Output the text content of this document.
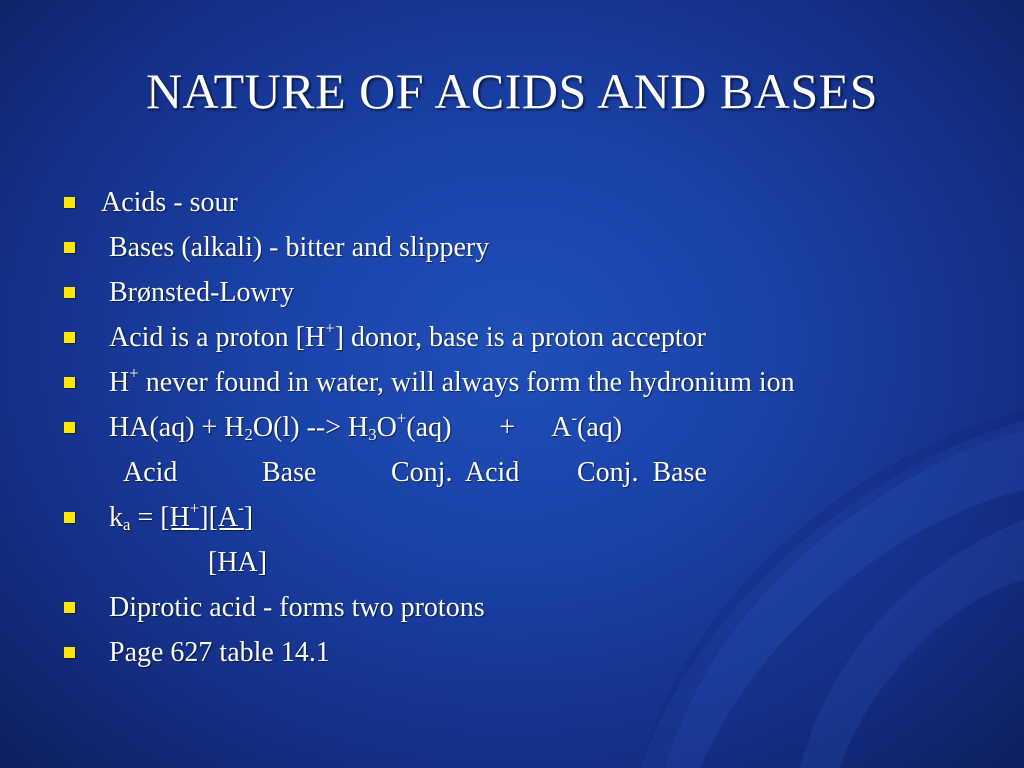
NATURE OF ACIDS AND BASES
Acids - sour
Bases (alkali) - bitter and slippery
Brønsted-Lowry
Acid is a proton [H+] donor, base is a proton acceptor
H+ never found in water, will always form the hydronium ion
$HA(aq) + H_2O(l)$ --> $H_3O^+(aq) + A^-(aq)$
Acid	Base	Conj.  Acid Conj.  Base
$k_a = [H^+][A^-]$
[HA]
Diprotic acid - forms two protons
Page 627 table 14.1
